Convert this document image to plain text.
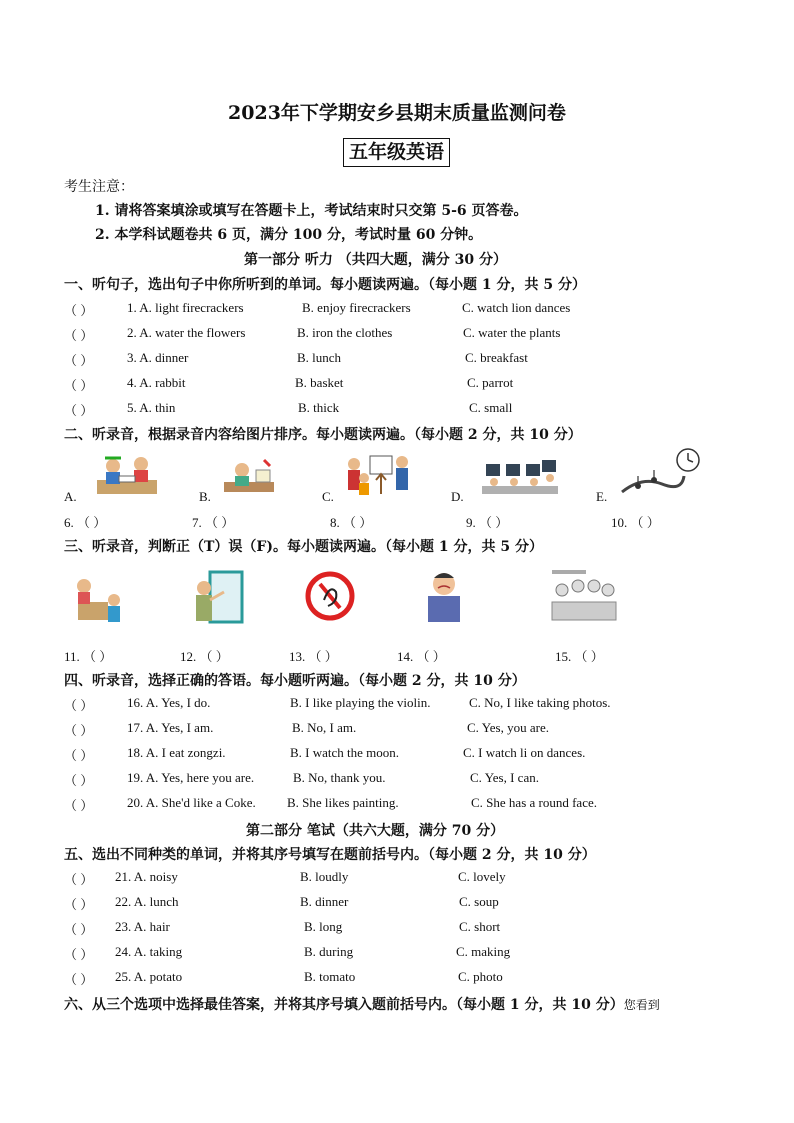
2023年下学期安乡县期末质量监测问卷
五年级英语
考生注意：
1. 请将答案填涂或填写在答题卡上，考试结束时只交第 5-6 页答卷。
2. 本学科试题卷共 6 页，满分 100 分，考试时量 60 分钟。
第一部分 听力 （共四大题，满分 30 分）
一、听句子，选出句子中你所听到的单词。每小题读两遍。（每小题 1 分，共 5 分）
（ ）	1. A. light firecrackers	B. enjoy firecrackers	C. watch lion dances
（ ）	2. A. water the flowers	B. iron the clothes	C. water the plants
（ ）	3. A. dinner	B. lunch	C. breakfast
（ ）	4. A. rabbit	B. basket	C. parrot
（ ）	5. A. thin	B. thick	C. small
二、听录音，根据录音内容给图片排序。每小题读两遍。（每小题 2 分，共 10 分）
A.	B.	C.	D.	E.
6. （ ）	7. （ ）	8. （ ）	9. （ ）	10. （ ）
三、听录音，判断正（T）误（F)。每小题读两遍。（每小题 1 分，共 5 分）
11. （ ）	12. （ ）	13. （ ）	14. （ ）	15. （ ）
四、听录音，选择正确的答语。每小题听两遍。（每小题 2 分，共 10 分）
（ ）	16. A. Yes, I do.	B. I like playing the violin.	C. No, I like taking photos.
（ ）	17. A. Yes, I am.	B. No, I am.	C. Yes, you are.
（ ）	18. A. I eat zongzi.	B. I watch the moon.	C. I watch li on dances.
（ ）	19. A. Yes, here you are.	B. No, thank you.	C. Yes, I can.
（ ）	20. A. She'd like a Coke. B. She likes painting.	C. She has a round face.
第二部分 笔试（共六大题，满分 70 分）
五、选出不同种类的单词，并将其序号填写在题前括号内。（每小题 2 分，共 10 分）
（ ） 21. A. noisy	B. loudly	C. lovely
（ ） 22. A. lunch	B. dinner	C. soup
（ ） 23. A. hair	B. long	C. short
（ ） 24. A. taking	B. during	C. making
（ ） 25. A. potato	B. tomato	C. photo
六、从三个选项中选择最佳答案，并将其序号填入题前括号内。（每小题 1 分，共 10 分）您看到
